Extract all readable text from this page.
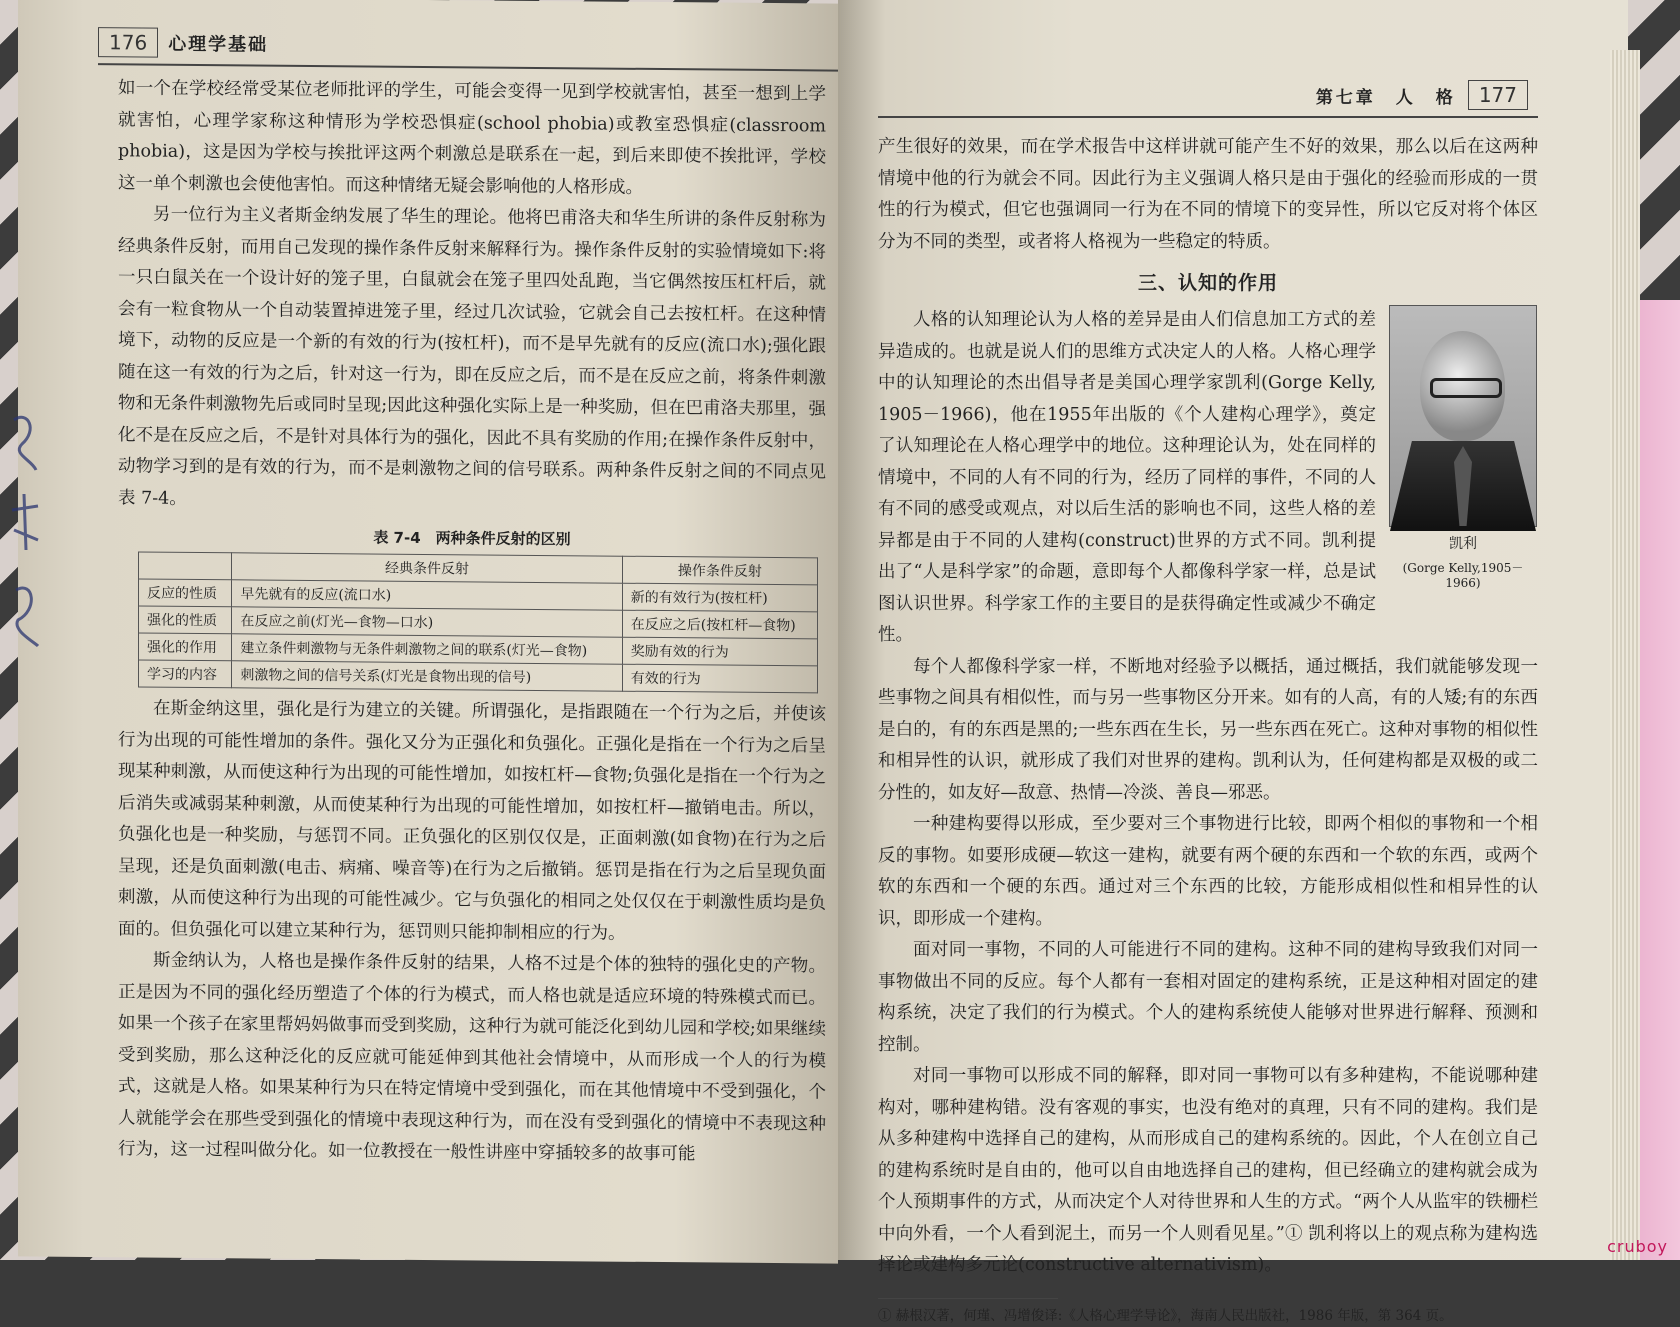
176	心理学基础

如一个在学校经常受某位老师批评的学生，可能会变得一见到学校就害怕，甚至一想到上学就害怕，心理学家称这种情形为学校恐惧症(school phobia)或教室恐惧症(classroom phobia)，这是因为学校与挨批评这两个刺激总是联系在一起，到后来即使不挨批评，学校这一单个刺激也会使他害怕。而这种情绪无疑会影响他的人格形成。

另一位行为主义者斯金纳发展了华生的理论。他将巴甫洛夫和华生所讲的条件反射称为经典条件反射，而用自己发现的操作条件反射来解释行为。操作条件反射的实验情境如下:将一只白鼠关在一个设计好的笼子里，白鼠就会在笼子里四处乱跑，当它偶然按压杠杆后，就会有一粒食物从一个自动装置掉进笼子里，经过几次试验，它就会自己去按杠杆。在这种情境下，动物的反应是一个新的有效的行为(按杠杆)，而不是早先就有的反应(流口水);强化跟随在这一有效的行为之后，针对这一行为，即在反应之后，而不是在反应之前，将条件刺激物和无条件刺激物先后或同时呈现;因此这种强化实际上是一种奖励，但在巴甫洛夫那里，强化不是在反应之后，不是针对具体行为的强化，因此不具有奖励的作用;在操作条件反射中，动物学习到的是有效的行为，而不是刺激物之间的信号联系。两种条件反射之间的不同点见表 7-4。

表 7-4　两种条件反射的区别
	经典条件反射	操作条件反射
反应的性质	早先就有的反应(流口水)	新的有效行为(按杠杆)
强化的性质	在反应之前(灯光—食物—口水)	在反应之后(按杠杆—食物)
强化的作用	建立条件刺激物与无条件刺激物之间的联系(灯光—食物)	奖励有效的行为
学习的内容	刺激物之间的信号关系(灯光是食物出现的信号)	有效的行为

在斯金纳这里，强化是行为建立的关键。所谓强化，是指跟随在一个行为之后，并使该行为出现的可能性增加的条件。强化又分为正强化和负强化。正强化是指在一个行为之后呈现某种刺激，从而使这种行为出现的可能性增加，如按杠杆—食物;负强化是指在一个行为之后消失或减弱某种刺激，从而使某种行为出现的可能性增加，如按杠杆—撤销电击。所以，负强化也是一种奖励，与惩罚不同。正负强化的区别仅仅是，正面刺激(如食物)在行为之后呈现，还是负面刺激(电击、病痛、噪音等)在行为之后撤销。惩罚是指在行为之后呈现负面刺激，从而使这种行为出现的可能性减少。它与负强化的相同之处仅仅在于刺激性质均是负面的。但负强化可以建立某种行为，惩罚则只能抑制相应的行为。

斯金纳认为，人格也是操作条件反射的结果，人格不过是个体的独特的强化史的产物。正是因为不同的强化经历塑造了个体的行为模式，而人格也就是适应环境的特殊模式而已。如果一个孩子在家里帮妈妈做事而受到奖励，这种行为就可能泛化到幼儿园和学校;如果继续受到奖励，那么这种泛化的反应就可能延伸到其他社会情境中，从而形成一个人的行为模式，这就是人格。如果某种行为只在特定情境中受到强化，而在其他情境中不受到强化，个人就能学会在那些受到强化的情境中表现这种行为，而在没有受到强化的情境中不表现这种行为，这一过程叫做分化。如一位教授在一般性讲座中穿插较多的故事可能

第七章　人　格	177

产生很好的效果，而在学术报告中这样讲就可能产生不好的效果，那么以后在这两种情境中他的行为就会不同。因此行为主义强调人格只是由于强化的经验而形成的一贯性的行为模式，但它也强调同一行为在不同的情境下的变异性，所以它反对将个体区分为不同的类型，或者将人格视为一些稳定的特质。

三、认知的作用
凯利
(Gorge Kelly,1905－1966)

人格的认知理论认为人格的差异是由人们信息加工方式的差异造成的。也就是说人们的思维方式决定人的人格。人格心理学中的认知理论的杰出倡导者是美国心理学家凯利(Gorge Kelly, 1905－1966)，他在1955年出版的《个人建构心理学》，奠定了认知理论在人格心理学中的地位。这种理论认为，处在同样的情境中，不同的人有不同的行为，经历了同样的事件，不同的人有不同的感受或观点，对以后生活的影响也不同，这些人格的差异都是由于不同的人建构(construct)世界的方式不同。凯利提出了“人是科学家”的命题，意即每个人都像科学家一样，总是试图认识世界。科学家工作的主要目的是获得确定性或减少不确定性。

每个人都像科学家一样，不断地对经验予以概括，通过概括，我们就能够发现一些事物之间具有相似性，而与另一些事物区分开来。如有的人高，有的人矮;有的东西是白的，有的东西是黑的;一些东西在生长，另一些东西在死亡。这种对事物的相似性和相异性的认识，就形成了我们对世界的建构。凯利认为，任何建构都是双极的或二分性的，如友好—敌意、热情—冷淡、善良—邪恶。

一种建构要得以形成，至少要对三个事物进行比较，即两个相似的事物和一个相反的事物。如要形成硬—软这一建构，就要有两个硬的东西和一个软的东西，或两个软的东西和一个硬的东西。通过对三个东西的比较，方能形成相似性和相异性的认识，即形成一个建构。

面对同一事物，不同的人可能进行不同的建构。这种不同的建构导致我们对同一事物做出不同的反应。每个人都有一套相对固定的建构系统，正是这种相对固定的建构系统，决定了我们的行为模式。个人的建构系统使人能够对世界进行解释、预测和控制。

对同一事物可以形成不同的解释，即对同一事物可以有多种建构，不能说哪种建构对，哪种建构错。没有客观的事实，也没有绝对的真理，只有不同的建构。我们是从多种建构中选择自己的建构，从而形成自己的建构系统的。因此，个人在创立自己的建构系统时是自由的，他可以自由地选择自己的建构，但已经确立的建构就会成为个人预期事件的方式，从而决定个人对待世界和人生的方式。“两个人从监牢的铁栅栏中向外看，一个人看到泥土，而另一个人则看见星。”① 凯利将以上的观点称为建构选择论或建构多元论(constructive alternativism)。

① 赫根汉著，何瑾、冯增俊译:《人格心理学导论》，海南人民出版社，1986 年版，第 364 页。
cruboy
